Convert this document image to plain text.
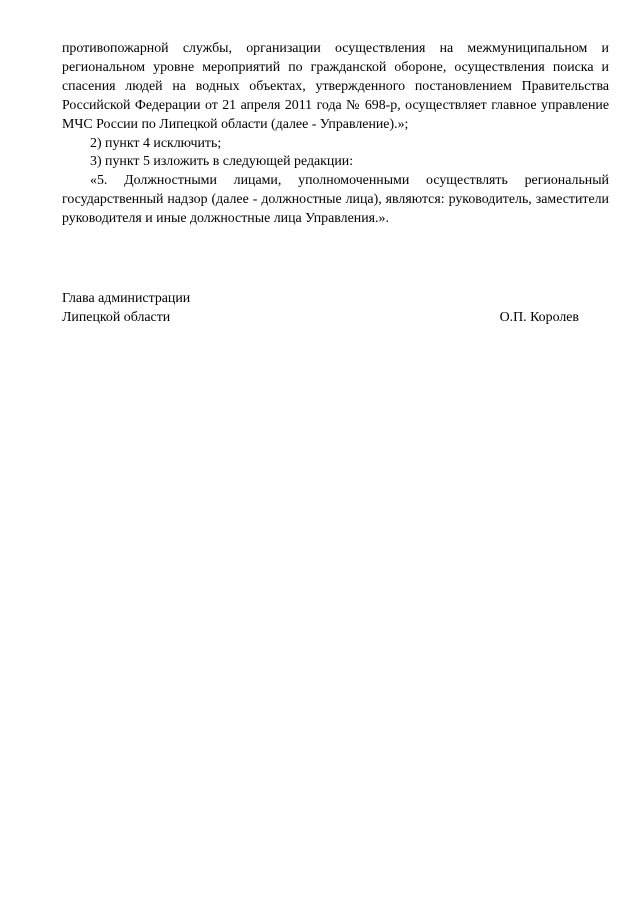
противопожарной службы, организации осуществления на межмуниципальном и региональном уровне мероприятий по гражданской обороне, осуществления поиска и спасения людей на водных объектах, утвержденного постановлением Правительства Российской Федерации от 21 апреля 2011 года № 698-р, осуществляет главное управление МЧС России по Липецкой области (далее - Управление).»;

2) пункт 4 исключить;

3) пункт 5 изложить в следующей редакции:

«5. Должностными лицами, уполномоченными осуществлять региональный государственный надзор (далее - должностные лица), являются: руководитель, заместители руководителя и иные должностные лица Управления.».

Глава администрации
Липецкой области	О.П. Королев
